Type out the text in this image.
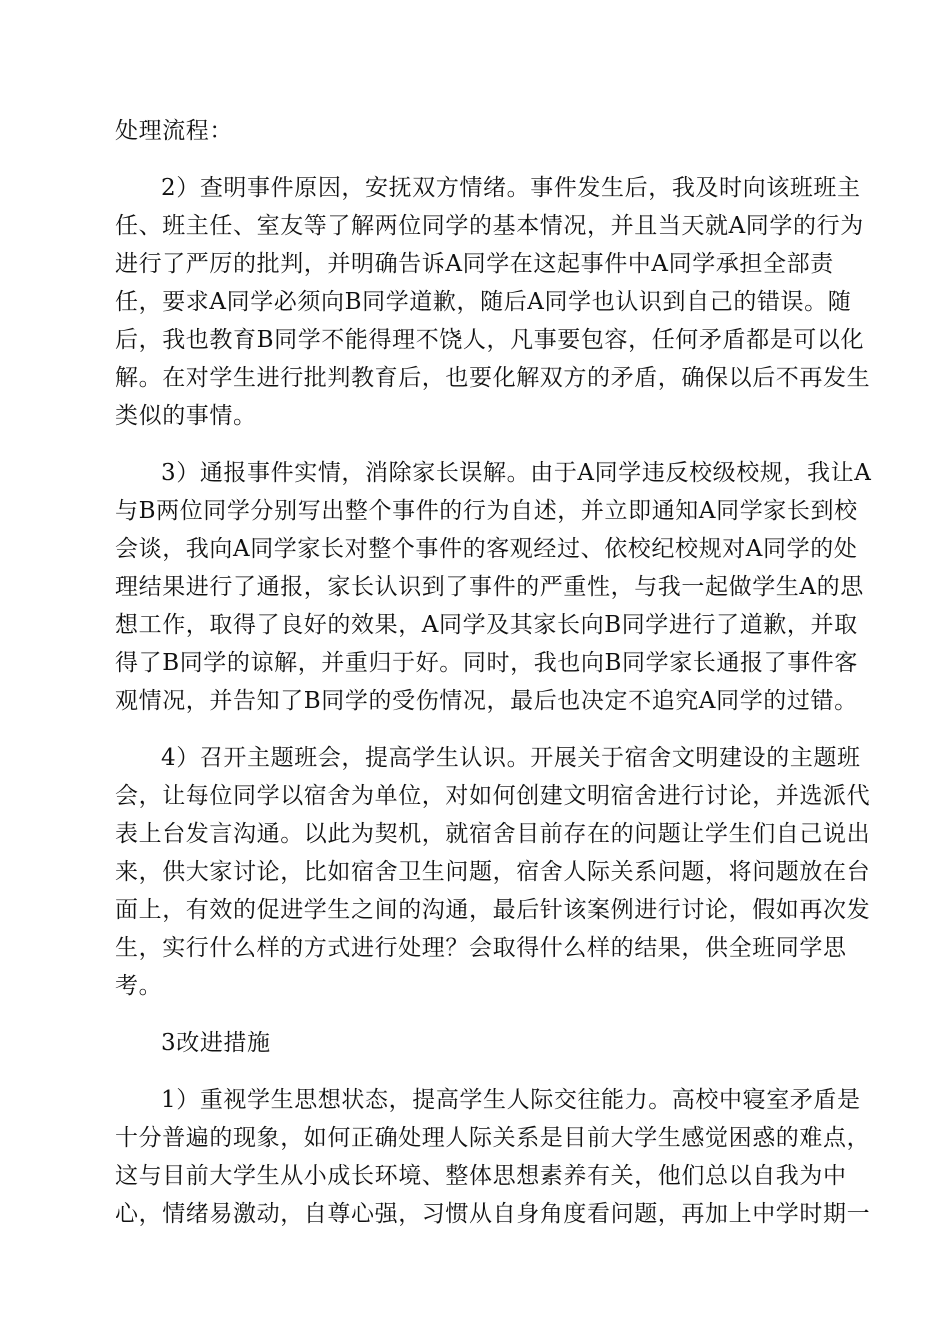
处理流程：
2）查明事件原因，安抚双方情绪。事件发生后，我及时向该班班主
任、班主任、室友等了解两位同学的基本情况，并且当天就A同学的行为
进行了严厉的批判，并明确告诉A同学在这起事件中A同学承担全部责
任，要求A同学必须向B同学道歉，随后A同学也认识到自己的错误。随
后，我也教育B同学不能得理不饶人，凡事要包容，任何矛盾都是可以化
解。在对学生进行批判教育后，也要化解双方的矛盾，确保以后不再发生
类似的事情。
3）通报事件实情，消除家长误解。由于A同学违反校级校规，我让A
与B两位同学分别写出整个事件的行为自述，并立即通知A同学家长到校
会谈，我向A同学家长对整个事件的客观经过、依校纪校规对A同学的处
理结果进行了通报，家长认识到了事件的严重性，与我一起做学生A的思
想工作，取得了良好的效果，A同学及其家长向B同学进行了道歉，并取
得了B同学的谅解，并重归于好。同时，我也向B同学家长通报了事件客
观情况，并告知了B同学的受伤情况，最后也决定不追究A同学的过错。
4）召开主题班会，提高学生认识。开展关于宿舍文明建设的主题班
会，让每位同学以宿舍为单位，对如何创建文明宿舍进行讨论，并选派代
表上台发言沟通。以此为契机，就宿舍目前存在的问题让学生们自己说出
来，供大家讨论，比如宿舍卫生问题，宿舍人际关系问题，将问题放在台
面上，有效的促进学生之间的沟通，最后针该案例进行讨论，假如再次发
生，实行什么样的方式进行处理？会取得什么样的结果，供全班同学思
考。
3改进措施
1）重视学生思想状态，提高学生人际交往能力。高校中寝室矛盾是
十分普遍的现象，如何正确处理人际关系是目前大学生感觉困惑的难点，
这与目前大学生从小成长环境、整体思想素养有关，他们总以自我为中
心，情绪易激动，自尊心强，习惯从自身角度看问题，再加上中学时期一
